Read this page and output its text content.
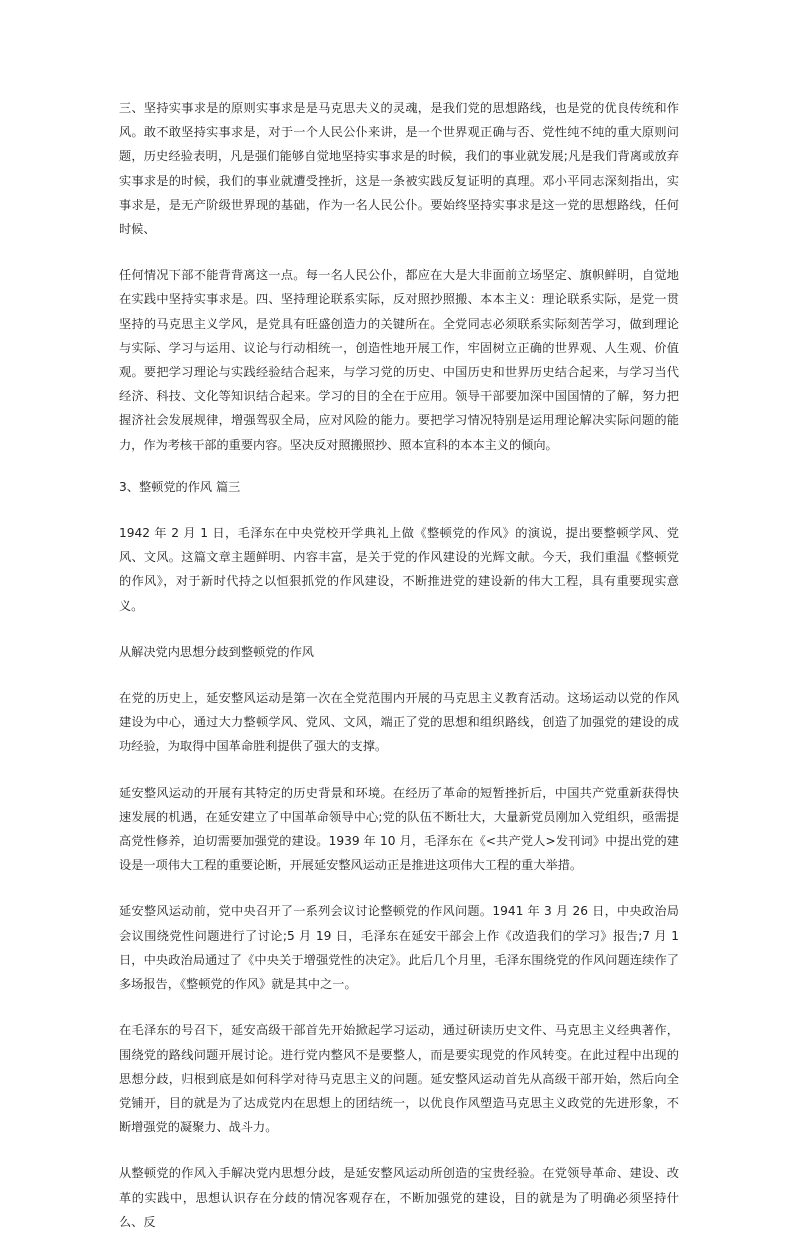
三、坚持实事求是的原则实事求是是马克思夫义的灵魂，是我们党的思想路线，也是党的优良传统和作风。敢不敢坚持实事求是，对于一个人民公仆来讲，是一个世界观正确与否、党性纯不纯的重大原则问题，历史经验表明，凡是强们能够自觉地坚持实事求是的时候，我们的事业就发展;凡是我们背离或放弃实事求是的时候，我们的事业就遭受挫折，这是一条被实践反复证明的真理。邓小平同志深刻指出，实事求是，是无产阶级世界现的基础，作为一名人民公仆。要始终坚持实事求是这一党的思想路线，任何时候、

任何情况下部不能背背离这一点。每一名人民公仆，都应在大是大非面前立场坚定、旗帜鲜明，自觉地在实践中坚持实事求是。四、坚持理论联系实际，反对照抄照搬、本本主义：理论联系实际，是党一贯坚持的马克思主义学风，是党具有旺盛创造力的关键所在。全党同志必须联系实际刻苦学习，做到理论与实际、学习与运用、议论与行动相统一，创造性地开展工作，牢固树立正确的世界观、人生观、价值观。要把学习理论与实践经验结合起来，与学习党的历史、中国历史和世界历史结合起来，与学习当代经济、科技、文化等知识结合起来。学习的目的全在于应用。领导干部要加深中国国情的了解，努力把握济社会发展规律，增强驾驭全局，应对风险的能力。要把学习情况特别是运用理论解决实际问题的能力，作为考核干部的重要内容。坚决反对照搬照抄、照本宣科的本本主义的倾向。

3、整顿党的作风 篇三

1942 年 2 月 1 日，毛泽东在中央党校开学典礼上做《整顿党的作风》的演说，提出要整顿学风、党风、文风。这篇文章主题鲜明、内容丰富，是关于党的作风建设的光辉文献。今天，我们重温《整顿党的作风》，对于新时代持之以恒狠抓党的作风建设，不断推进党的建设新的伟大工程，具有重要现实意义。

从解决党内思想分歧到整顿党的作风

在党的历史上，延安整风运动是第一次在全党范围内开展的马克思主义教育活动。这场运动以党的作风建设为中心，通过大力整顿学风、党风、文风，端正了党的思想和组织路线，创造了加强党的建设的成功经验，为取得中国革命胜利提供了强大的支撑。

延安整风运动的开展有其特定的历史背景和环境。在经历了革命的短暂挫折后，中国共产党重新获得快速发展的机遇，在延安建立了中国革命领导中心;党的队伍不断壮大，大量新党员刚加入党组织，亟需提高党性修养，迫切需要加强党的建设。1939 年 10 月，毛泽东在《<共产党人>发刊词》中提出党的建设是一项伟大工程的重要论断，开展延安整风运动正是推进这项伟大工程的重大举措。

延安整风运动前，党中央召开了一系列会议讨论整顿党的作风问题。1941 年 3 月 26 日，中央政治局会议围绕党性问题进行了讨论;5 月 19 日，毛泽东在延安干部会上作《改造我们的学习》报告;7 月 1 日，中央政治局通过了《中央关于增强党性的决定》。此后几个月里，毛泽东围绕党的作风问题连续作了多场报告，《整顿党的作风》就是其中之一。

在毛泽东的号召下，延安高级干部首先开始掀起学习运动，通过研读历史文件、马克思主义经典著作，围绕党的路线问题开展讨论。进行党内整风不是要整人，而是要实现党的作风转变。在此过程中出现的思想分歧，归根到底是如何科学对待马克思主义的问题。延安整风运动首先从高级干部开始，然后向全党铺开，目的就是为了达成党内在思想上的团结统一，以优良作风塑造马克思主义政党的先进形象，不断增强党的凝聚力、战斗力。

从整顿党的作风入手解决党内思想分歧，是延安整风运动所创造的宝贵经验。在党领导革命、建设、改革的实践中，思想认识存在分歧的情况客观存在，不断加强党的建设，目的就是为了明确必须坚持什么、反
